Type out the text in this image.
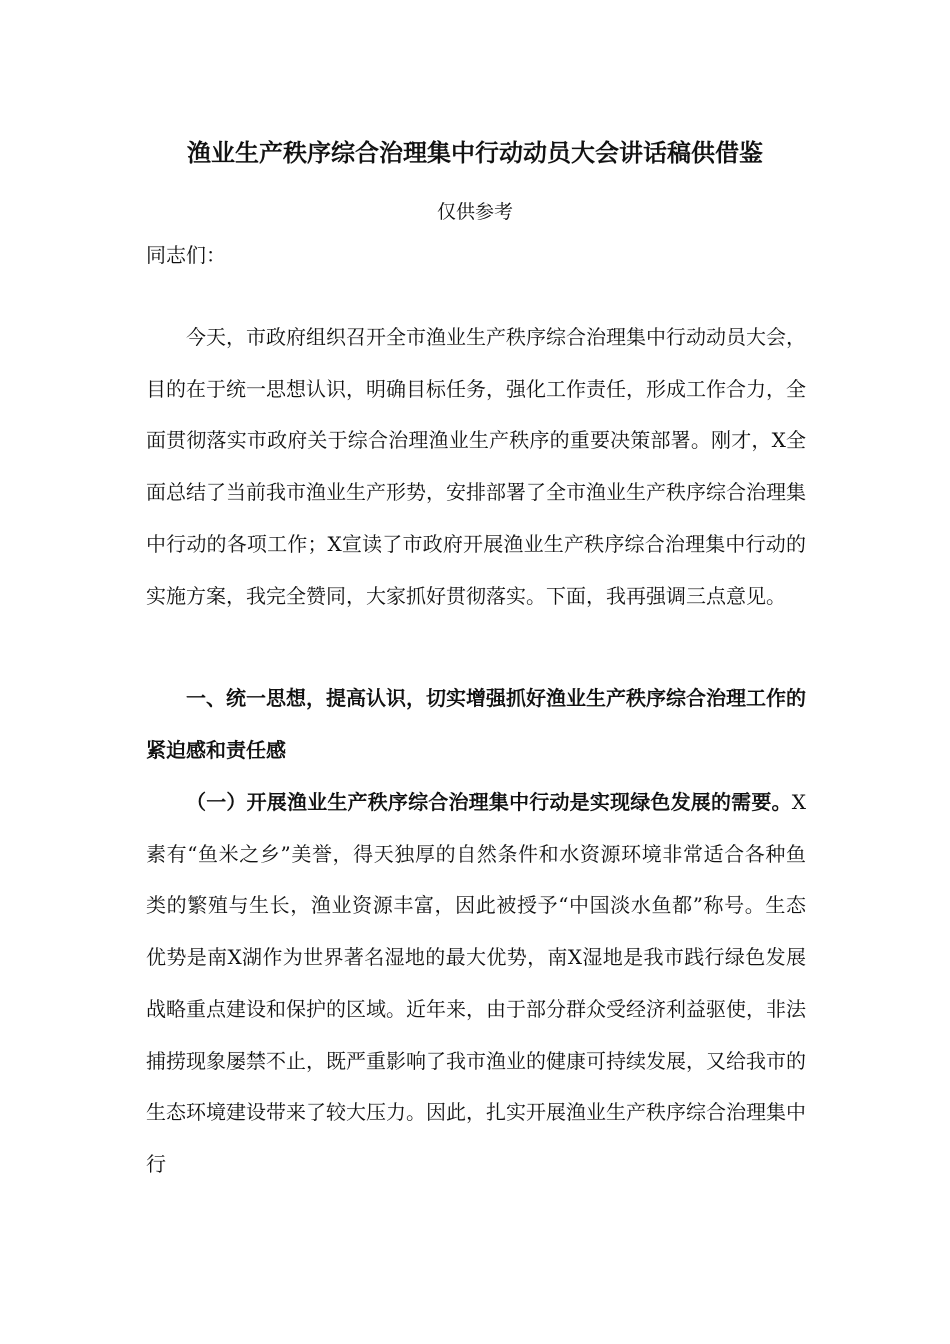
渔业生产秩序综合治理集中行动动员大会讲话稿供借鉴

仅供参考

同志们：

今天，市政府组织召开全市渔业生产秩序综合治理集中行动动员大会，目的在于统一思想认识，明确目标任务，强化工作责任，形成工作合力，全面贯彻落实市政府关于综合治理渔业生产秩序的重要决策部署。刚才，X全面总结了当前我市渔业生产形势，安排部署了全市渔业生产秩序综合治理集中行动的各项工作；X宣读了市政府开展渔业生产秩序综合治理集中行动的实施方案，我完全赞同，大家抓好贯彻落实。下面，我再强调三点意见。

一、统一思想，提高认识，切实增强抓好渔业生产秩序综合治理工作的紧迫感和责任感

（一）开展渔业生产秩序综合治理集中行动是实现绿色发展的需要。X素有“鱼米之乡”美誉，得天独厚的自然条件和水资源环境非常适合各种鱼类的繁殖与生长，渔业资源丰富，因此被授予“中国淡水鱼都”称号。生态优势是南X湖作为世界著名湿地的最大优势，南X湿地是我市践行绿色发展战略重点建设和保护的区域。近年来，由于部分群众受经济利益驱使，非法捕捞现象屡禁不止，既严重影响了我市渔业的健康可持续发展，又给我市的生态环境建设带来了较大压力。因此，扎实开展渔业生产秩序综合治理集中行
